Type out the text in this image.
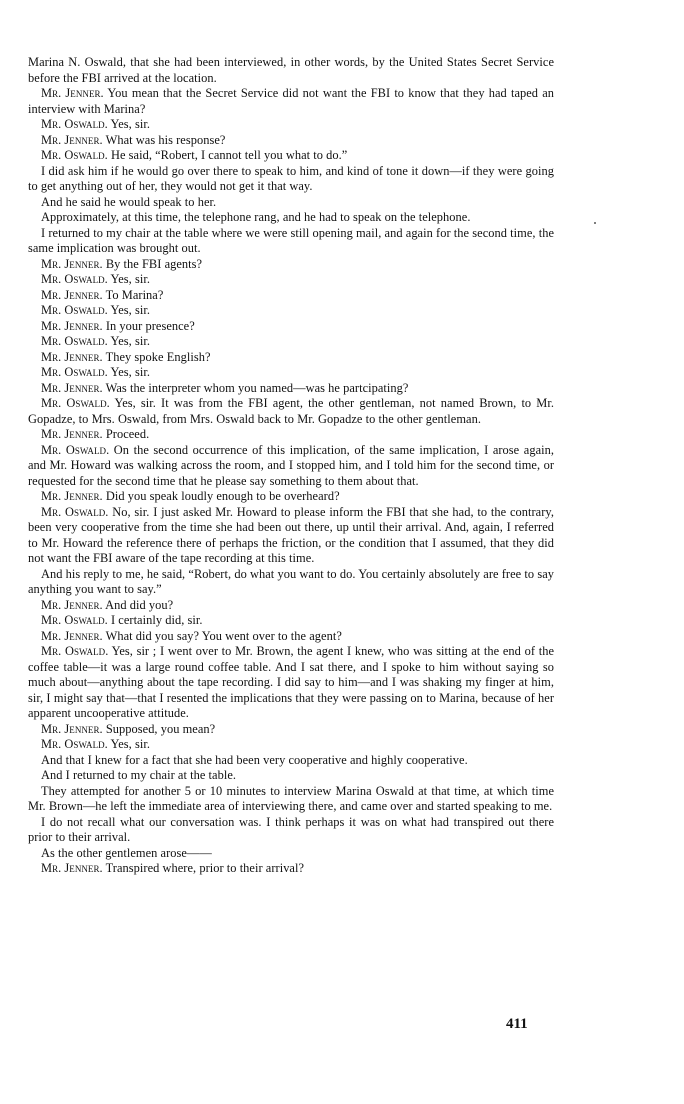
Marina N. Oswald, that she had been interviewed, in other words, by the United States Secret Service before the FBI arrived at the location.

Mr. Jenner. You mean that the Secret Service did not want the FBI to know that they had taped an interview with Marina?

Mr. Oswald. Yes, sir.

Mr. Jenner. What was his response?

Mr. Oswald. He said, “Robert, I cannot tell you what to do.”

I did ask him if he would go over there to speak to him, and kind of tone it down—if they were going to get anything out of her, they would not get it that way.

And he said he would speak to her.

Approximately, at this time, the telephone rang, and he had to speak on the telephone.

I returned to my chair at the table where we were still opening mail, and again for the second time, the same implication was brought out.

Mr. Jenner. By the FBI agents?

Mr. Oswald. Yes, sir.

Mr. Jenner. To Marina?

Mr. Oswald. Yes, sir.

Mr. Jenner. In your presence?

Mr. Oswald. Yes, sir.

Mr. Jenner. They spoke English?

Mr. Oswald. Yes, sir.

Mr. Jenner. Was the interpreter whom you named—was he partcipating?

Mr. Oswald. Yes, sir. It was from the FBI agent, the other gentleman, not named Brown, to Mr. Gopadze, to Mrs. Oswald, from Mrs. Oswald back to Mr. Gopadze to the other gentleman.

Mr. Jenner. Proceed.

Mr. Oswald. On the second occurrence of this implication, of the same implication, I arose again, and Mr. Howard was walking across the room, and I stopped him, and I told him for the second time, or requested for the second time that he please say something to them about that.

Mr. Jenner. Did you speak loudly enough to be overheard?

Mr. Oswald. No, sir. I just asked Mr. Howard to please inform the FBI that she had, to the contrary, been very cooperative from the time she had been out there, up until their arrival. And, again, I referred to Mr. Howard the reference there of perhaps the friction, or the condition that I assumed, that they did not want the FBI aware of the tape recording at this time.

And his reply to me, he said, “Robert, do what you want to do. You certainly absolutely are free to say anything you want to say.”

Mr. Jenner. And did you?

Mr. Oswald. I certainly did, sir.

Mr. Jenner. What did you say? You went over to the agent?

Mr. Oswald. Yes, sir ; I went over to Mr. Brown, the agent I knew, who was sitting at the end of the coffee table—it was a large round coffee table. And I sat there, and I spoke to him without saying so much about—anything about the tape recording. I did say to him—and I was shaking my finger at him, sir, I might say that—that I resented the implications that they were passing on to Marina, because of her apparent uncooperative attitude.

Mr. Jenner. Supposed, you mean?

Mr. Oswald. Yes, sir.

And that I knew for a fact that she had been very cooperative and highly cooperative.

And I returned to my chair at the table.

They attempted for another 5 or 10 minutes to interview Marina Oswald at that time, at which time Mr. Brown—he left the immediate area of interviewing there, and came over and started speaking to me.

I do not recall what our conversation was. I think perhaps it was on what had transpired out there prior to their arrival.

As the other gentlemen arose——

Mr. Jenner. Transpired where, prior to their arrival?

411
